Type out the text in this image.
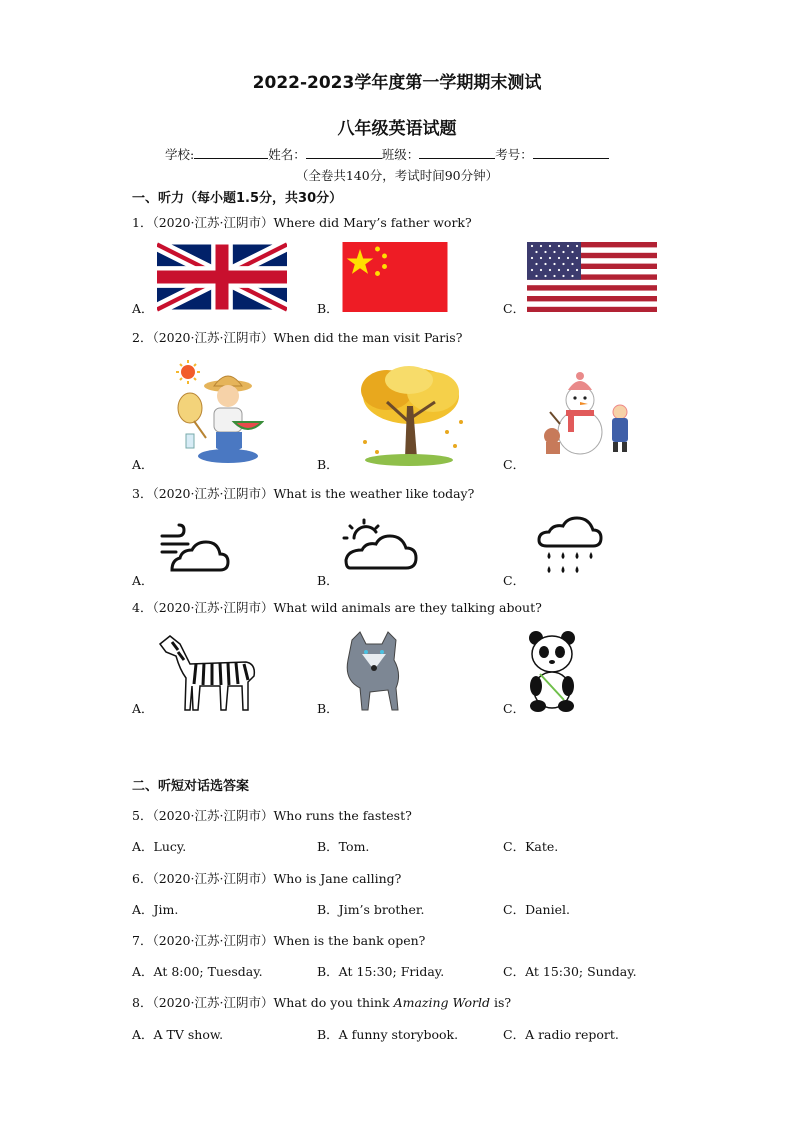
2022-2023学年度第一学期期末测试
八年级英语试题
学校:	姓名：	班级：	考号：
（全卷共140分，考试时间90分钟）
一、听力（每小题1.5分，共30分）
1．（2020·江苏·江阴市）Where did Mary’s father work?
A．	B．	C．
2．（2020·江苏·江阴市）When did the man visit Paris?
A．	B．	C．
3．（2020·江苏·江阴市）What is the weather like today?
A．	B．	C．
4．（2020·江苏·江阴市）What wild animals are they talking about?
A．	B．	C．
二、听短对话选答案
5．（2020·江苏·江阴市）Who runs the fastest?
A．Lucy.	B．Tom.	C．Kate.
6．（2020·江苏·江阴市）Who is Jane calling?
A．Jim.	B．Jim’s brother.	C．Daniel.
7．（2020·江苏·江阴市）When is the bank open?
A．At 8:00; Tuesday.	B．At 15:30; Friday.	C．At 15:30; Sunday.
8．（2020·江苏·江阴市）What do you think Amazing World is?
A．A TV show.	B．A funny storybook.	C．A radio report.
